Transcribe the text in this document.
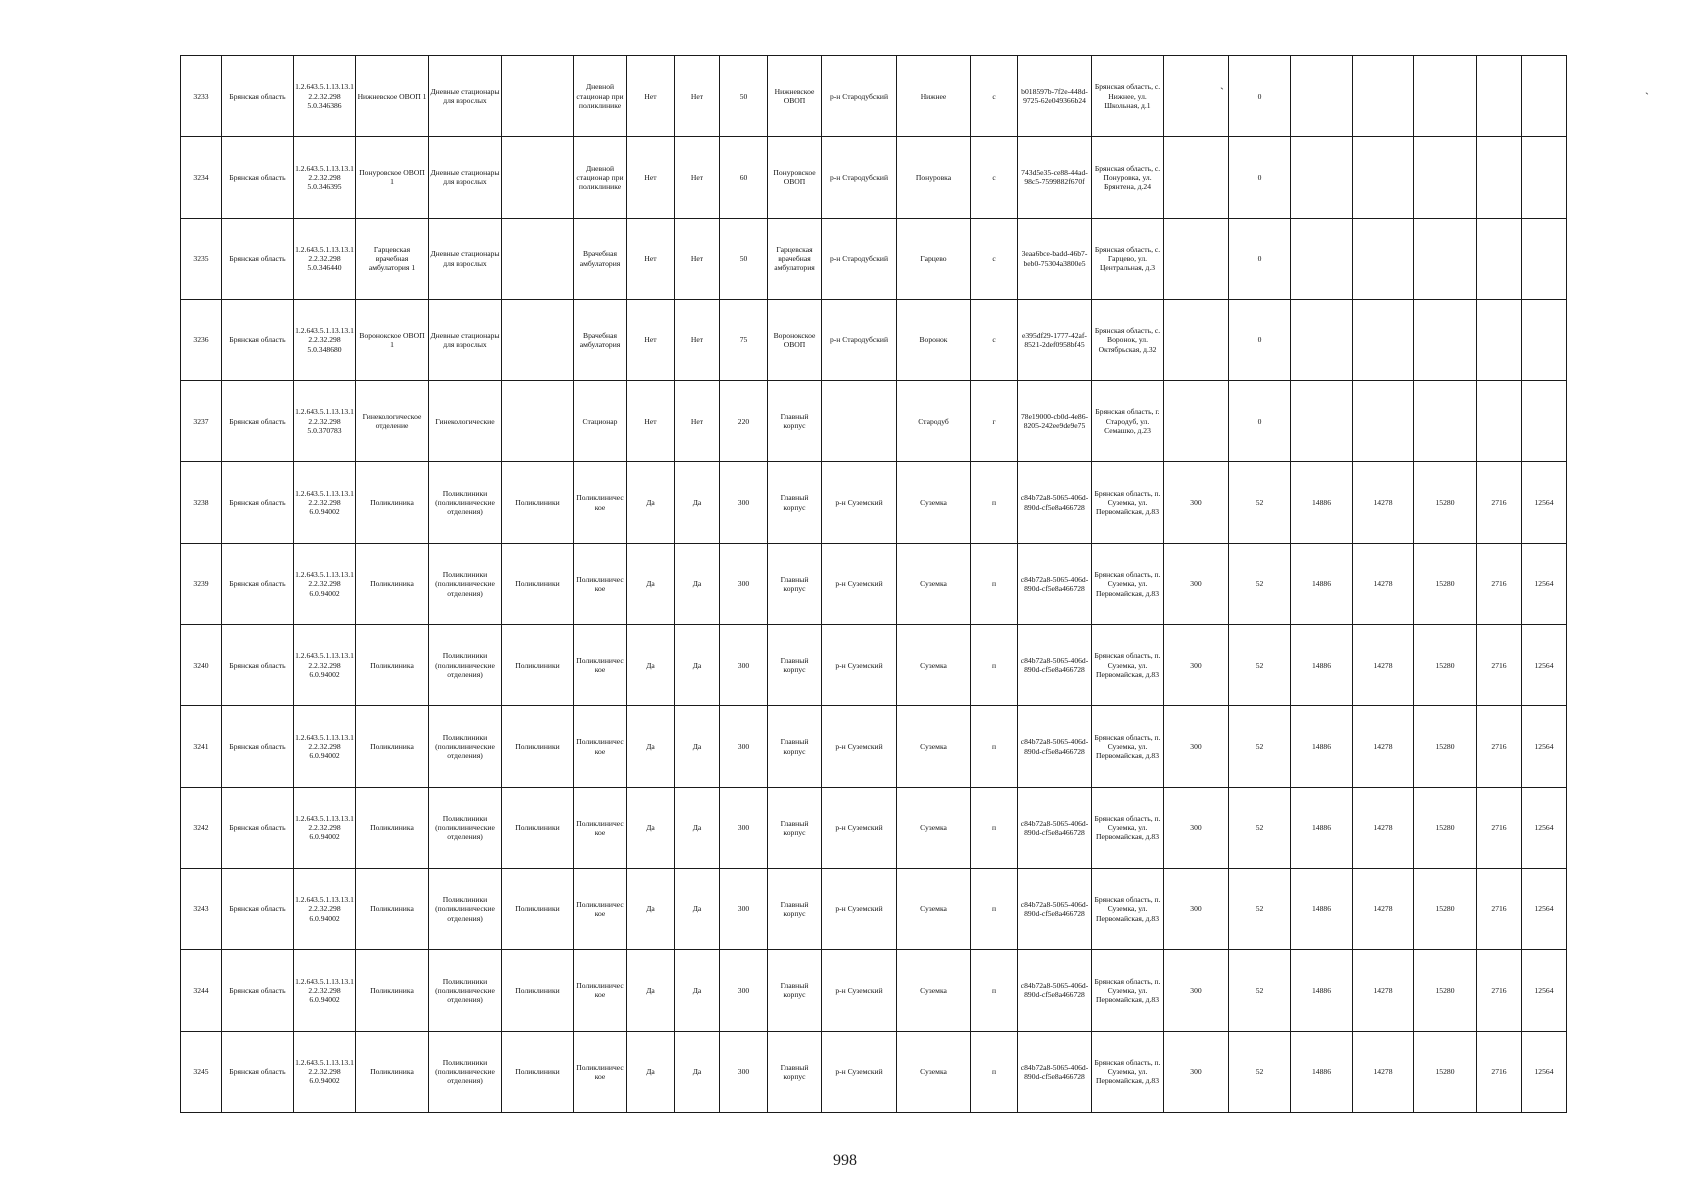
3233	Брянская область	1.2.643.5.1.13.13.12.2.32.298 5.0.346386	Нижневское ОВОП 1	Дневные стационары для взрослых		Дневной стационар при поликлинике	Нет	Нет	50	Нижневское ОВОП	р-н Стародубский	Нижнее	с	b018597b-7f2e-448d-9725-62e049366b24	Брянская область, с. Нижнее, ул. Школьная, д.1		0					
3234	Брянская область	1.2.643.5.1.13.13.12.2.32.298 5.0.346395	Понуровское ОВОП 1	Дневные стационары для взрослых		Дневной стационар при поликлинике	Нет	Нет	60	Понуровское ОВОП	р-н Стародубский	Понуровка	с	743d5e35-ce88-44ad-98c5-7599882f670f	Брянская область, с. Понуровка, ул. Брянтена, д.24		0					
3235	Брянская область	1.2.643.5.1.13.13.12.2.32.298 5.0.346440	Гарцевская врачебная амбулатория 1	Дневные стационары для взрослых		Врачебная амбулатория	Нет	Нет	50	Гарцевская врачебная амбулатория	р-н Стародубский	Гарцево	с	3eaa6bce-badd-46b7-beb0-75304a3800e5	Брянская область, с. Гарцево, ул. Центральная, д.3		0					
3236	Брянская область	1.2.643.5.1.13.13.12.2.32.298 5.0.348680	Воронокское ОВОП 1	Дневные стационары для взрослых		Врачебная амбулатория	Нет	Нет	75	Воронокское ОВОП	р-н Стародубский	Воронок	с	e395df29-1777-42af-8521-2def0958bf45	Брянская область, с. Воронок, ул. Октябрьская, д.32		0					
3237	Брянская область	1.2.643.5.1.13.13.12.2.32.298 5.0.370783	Гинекологическое отделение	Гинекологические		Стационар	Нет	Нет	220	Главный корпус		Стародуб	г	78e19000-cb0d-4e86-8205-242ee9de9e75	Брянская область, г. Стародуб, ул. Семашко, д.23		0					
3238	Брянская область	1.2.643.5.1.13.13.12.2.32.298 6.0.94002	Поликлиника	Поликлиники (поликлинические отделения)	Поликлиники	Поликлиническое	Да	Да	300	Главный корпус	р-н Суземский	Суземка	п	c84b72a8-5065-406d-890d-cf5e8a466728	Брянская область, п. Суземка, ул. Первомайская, д.83	300	52	14886	14278	15280	2716	12564
3239	Брянская область	1.2.643.5.1.13.13.12.2.32.298 6.0.94002	Поликлиника	Поликлиники (поликлинические отделения)	Поликлиники	Поликлиническое	Да	Да	300	Главный корпус	р-н Суземский	Суземка	п	c84b72a8-5065-406d-890d-cf5e8a466728	Брянская область, п. Суземка, ул. Первомайская, д.83	300	52	14886	14278	15280	2716	12564
3240	Брянская область	1.2.643.5.1.13.13.12.2.32.298 6.0.94002	Поликлиника	Поликлиники (поликлинические отделения)	Поликлиники	Поликлиническое	Да	Да	300	Главный корпус	р-н Суземский	Суземка	п	c84b72a8-5065-406d-890d-cf5e8a466728	Брянская область, п. Суземка, ул. Первомайская, д.83	300	52	14886	14278	15280	2716	12564
3241	Брянская область	1.2.643.5.1.13.13.12.2.32.298 6.0.94002	Поликлиника	Поликлиники (поликлинические отделения)	Поликлиники	Поликлиническое	Да	Да	300	Главный корпус	р-н Суземский	Суземка	п	c84b72a8-5065-406d-890d-cf5e8a466728	Брянская область, п. Суземка, ул. Первомайская, д.83	300	52	14886	14278	15280	2716	12564
3242	Брянская область	1.2.643.5.1.13.13.12.2.32.298 6.0.94002	Поликлиника	Поликлиники (поликлинические отделения)	Поликлиники	Поликлиническое	Да	Да	300	Главный корпус	р-н Суземский	Суземка	п	c84b72a8-5065-406d-890d-cf5e8a466728	Брянская область, п. Суземка, ул. Первомайская, д.83	300	52	14886	14278	15280	2716	12564
3243	Брянская область	1.2.643.5.1.13.13.12.2.32.298 6.0.94002	Поликлиника	Поликлиники (поликлинические отделения)	Поликлиники	Поликлиническое	Да	Да	300	Главный корпус	р-н Суземский	Суземка	п	c84b72a8-5065-406d-890d-cf5e8a466728	Брянская область, п. Суземка, ул. Первомайская, д.83	300	52	14886	14278	15280	2716	12564
3244	Брянская область	1.2.643.5.1.13.13.12.2.32.298 6.0.94002	Поликлиника	Поликлиники (поликлинические отделения)	Поликлиники	Поликлиническое	Да	Да	300	Главный корпус	р-н Суземский	Суземка	п	c84b72a8-5065-406d-890d-cf5e8a466728	Брянская область, п. Суземка, ул. Первомайская, д.83	300	52	14886	14278	15280	2716	12564
3245	Брянская область	1.2.643.5.1.13.13.12.2.32.298 6.0.94002	Поликлиника	Поликлиники (поликлинические отделения)	Поликлиники	Поликлиническое	Да	Да	300	Главный корпус	р-н Суземский	Суземка	п	c84b72a8-5065-406d-890d-cf5e8a466728	Брянская область, п. Суземка, ул. Первомайская, д.83	300	52	14886	14278	15280	2716	12564
`	`
998
